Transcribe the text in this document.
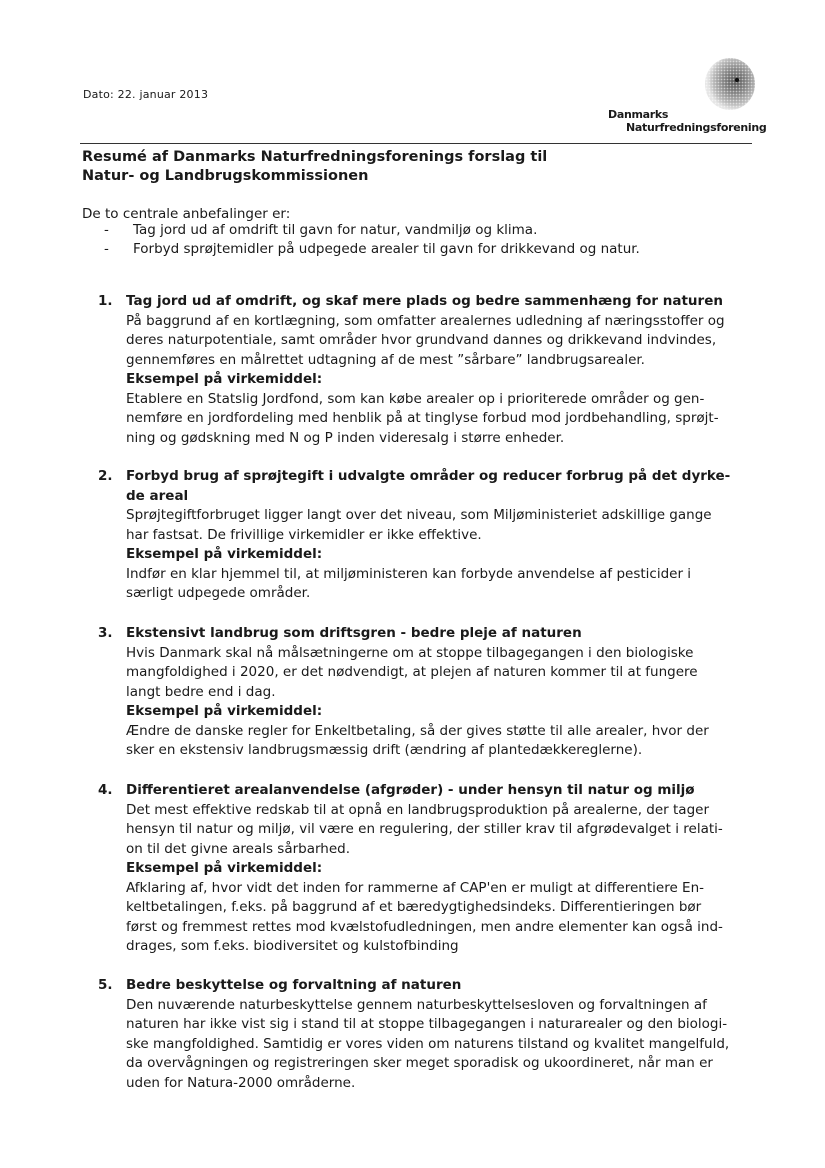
Dato: 22. januar 2013
Danmarks
Naturfredningsforening
Resumé af Danmarks Naturfredningsforenings forslag til
Natur- og Landbrugskommissionen
De to centrale anbefalinger er:
- Tag jord ud af omdrift til gavn for natur, vandmiljø og klima.
- Forbyd sprøjtemidler på udpegede arealer til gavn for drikkevand og natur.
1. Tag jord ud af omdrift, og skaf mere plads og bedre sammenhæng for naturen
På baggrund af en kortlægning, som omfatter arealernes udledning af næringsstoffer og
deres naturpotentiale, samt områder hvor grundvand dannes og drikkevand indvindes,
gennemføres en målrettet udtagning af de mest ”sårbare” landbrugsarealer.
Eksempel på virkemiddel:
Etablere en Statslig Jordfond, som kan købe arealer op i prioriterede områder og gen-
nemføre en jordfordeling med henblik på at tinglyse forbud mod jordbehandling, sprøjt-
ning og gødskning med N og P inden videresalg i større enheder.
2. Forbyd brug af sprøjtegift i udvalgte områder og reducer forbrug på det dyrke-
de areal
Sprøjtegiftforbruget ligger langt over det niveau, som Miljøministeriet adskillige gange
har fastsat. De frivillige virkemidler er ikke effektive.
Eksempel på virkemiddel:
Indfør en klar hjemmel til, at miljøministeren kan forbyde anvendelse af pesticider i
særligt udpegede områder.
3. Ekstensivt landbrug som driftsgren - bedre pleje af naturen
Hvis Danmark skal nå målsætningerne om at stoppe tilbagegangen i den biologiske
mangfoldighed i 2020, er det nødvendigt, at plejen af naturen kommer til at fungere
langt bedre end i dag.
Eksempel på virkemiddel:
Ændre de danske regler for Enkeltbetaling, så der gives støtte til alle arealer, hvor der
sker en ekstensiv landbrugsmæssig drift (ændring af plantedækkereglerne).
4. Differentieret arealanvendelse (afgrøder) - under hensyn til natur og miljø
Det mest effektive redskab til at opnå en landbrugsproduktion på arealerne, der tager
hensyn til natur og miljø, vil være en regulering, der stiller krav til afgrødevalget i relati-
on til det givne areals sårbarhed.
Eksempel på virkemiddel:
Afklaring af, hvor vidt det inden for rammerne af CAP'en er muligt at differentiere En-
keltbetalingen, f.eks. på baggrund af et bæredygtighedsindeks. Differentieringen bør
først og fremmest rettes mod kvælstofudledningen, men andre elementer kan også ind-
drages, som f.eks. biodiversitet og kulstofbinding
5. Bedre beskyttelse og forvaltning af naturen
Den nuværende naturbeskyttelse gennem naturbeskyttelsesloven og forvaltningen af
naturen har ikke vist sig i stand til at stoppe tilbagegangen i naturarealer og den biologi-
ske mangfoldighed. Samtidig er vores viden om naturens tilstand og kvalitet mangelfuld,
da overvågningen og registreringen sker meget sporadisk og ukoordineret, når man er
uden for Natura-2000 områderne.
